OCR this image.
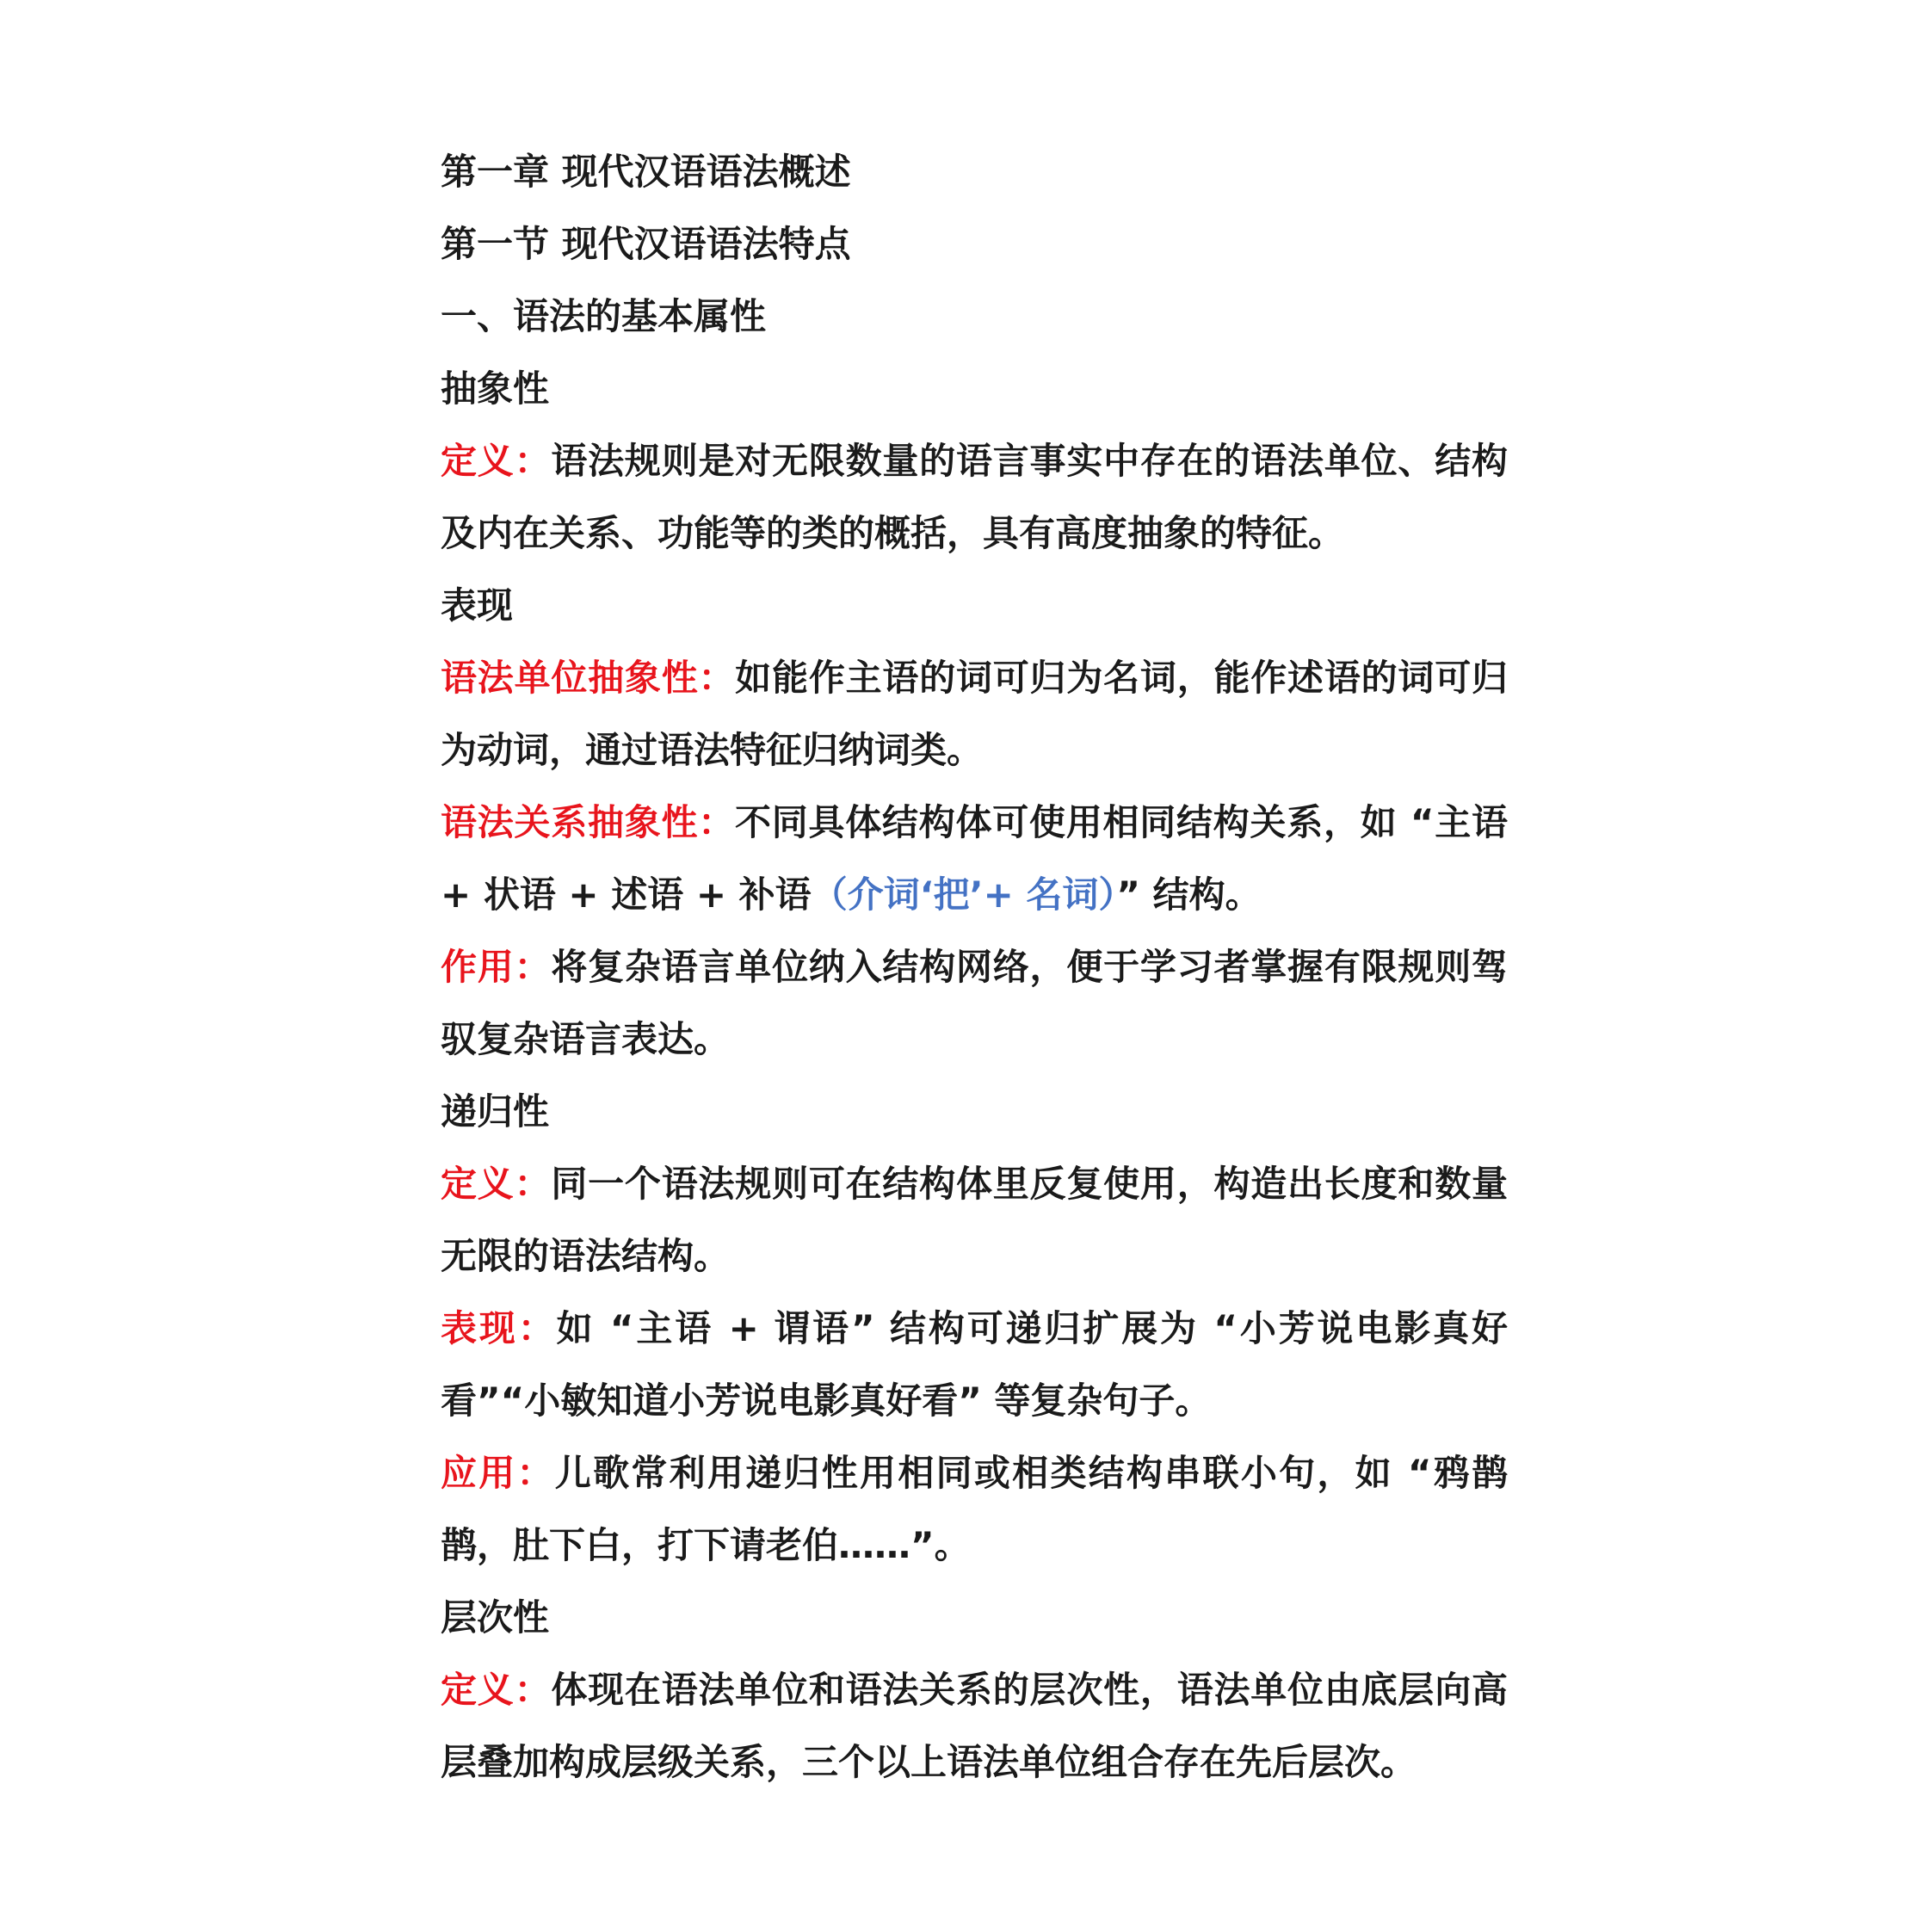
第一章 现代汉语语法概述
第一节 现代汉语语法特点
一、语法的基本属性
抽象性

定义：语法规则是对无限数量的语言事实中存在的语法单位、结构及内在关系、功能等的类的概括，具有高度抽象的特征。

表现

语法单位抽象性：如能作主语的词可归为名词，能作述语的词可归为动词，通过语法特征归纳词类。

语法关系抽象性：不同具体结构体可使用相同结构关系，如 “主语 + 状语 + 述语 + 补语（介词‘把’+ 名词）” 结构。

作用：将复杂语言单位纳入结构网络，便于学习者掌握有限规则驾驭复杂语言表达。

递归性

定义：同一个语法规则可在结构体里反复使用，构造出长度和数量无限的语法结构。

表现：如 “主语 + 谓语” 结构可递归扩展为 “小芳说电影真好看”“小敏知道小芳说电影真好看” 等复杂句子。

应用：儿歌常利用递归性用相同或相类结构串联小句，如 “鸦鹊鹊，肚下白，打下请老伯……”。

层次性

定义：体现在语法单位和语法关系的层次性，语法单位由底层向高层叠加构成层级关系，三个以上语法单位组合存在先后层次。
